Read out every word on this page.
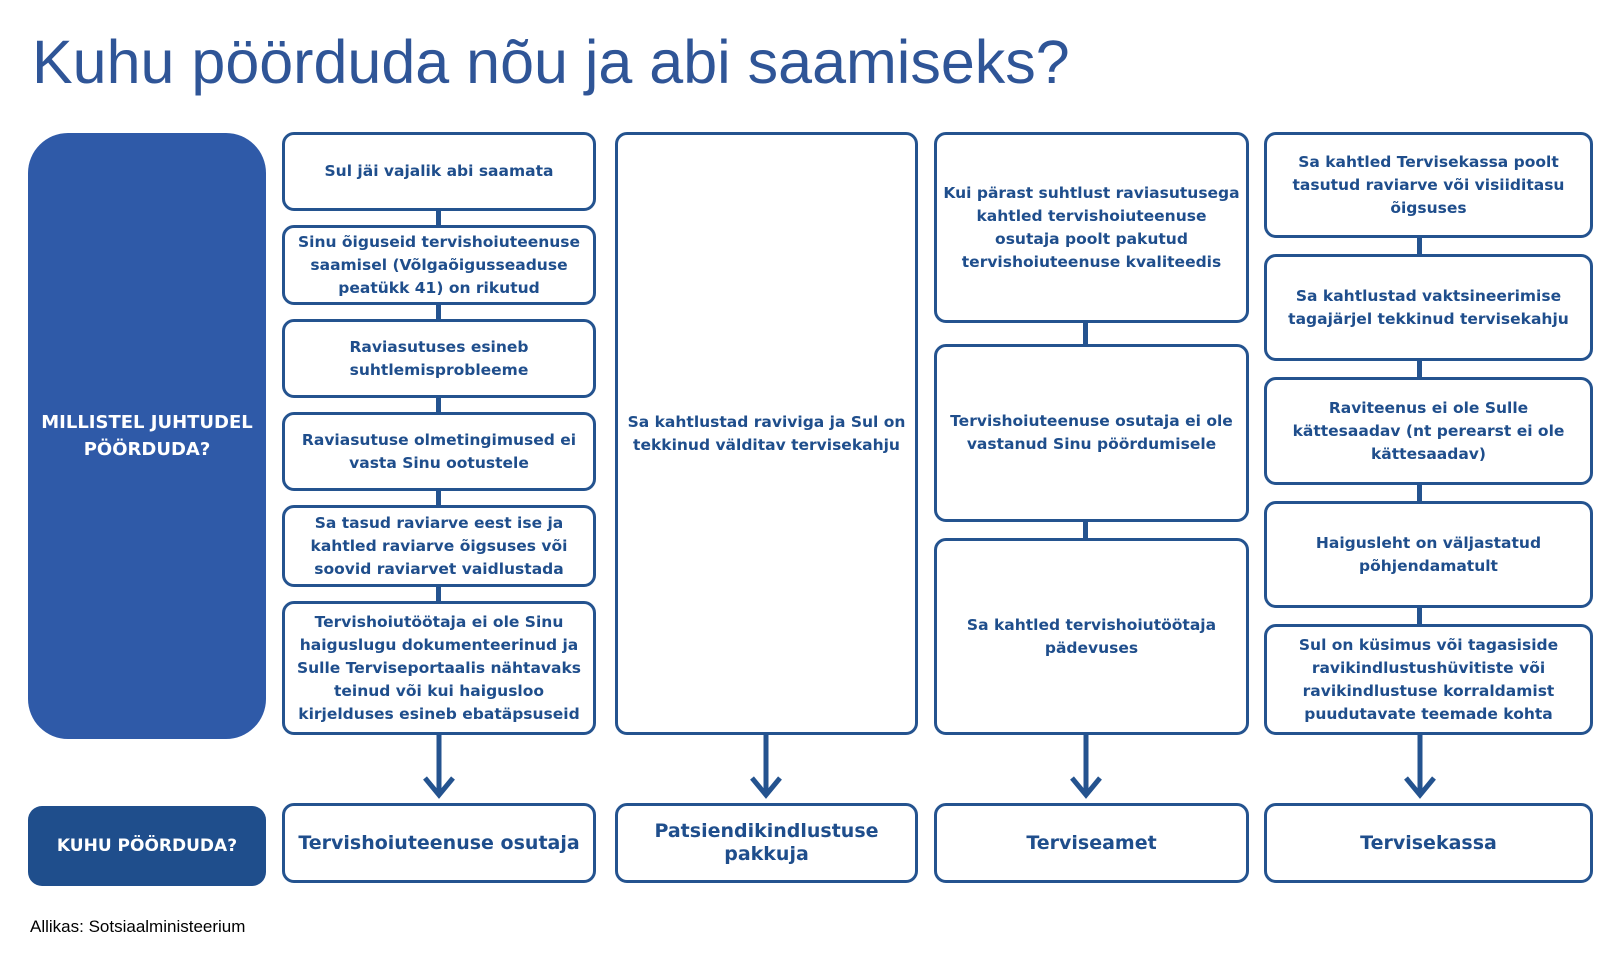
Kuhu pöörduda nõu ja abi saamiseks?
MILLISTEL JUHTUDEL PÖÖRDUDA?
KUHU PÖÖRDUDA?
Sul jäi vajalik abi saamata
Sinu õiguseid tervishoiuteenuse saamisel (Võlgaõigusseaduse peatükk 41) on rikutud
Raviasutuses esineb suhtlemisprobleeme
Raviasutuse olmetingimused ei vasta Sinu ootustele
Sa tasud raviarve eest ise ja kahtled raviarve õigsuses või soovid raviarvet vaidlustada
Tervishoiutöötaja ei ole Sinu haiguslugu dokumenteerinud ja Sulle Terviseportaalis nähtavaks teinud või kui haigusloo kirjelduses esineb ebatäpsuseid
Sa kahtlustad raviviga ja Sul on tekkinud välditav tervisekahju
Kui pärast suhtlust raviasutusega kahtled tervishoiuteenuse osutaja poolt pakutud tervishoiuteenuse kvaliteedis
Tervishoiuteenuse osutaja ei ole vastanud Sinu pöördumisele
Sa kahtled tervishoiutöötaja pädevuses
Sa kahtled Tervisekassa poolt tasutud raviarve või visiiditasu õigsuses
Sa kahtlustad vaktsineerimise tagajärjel tekkinud tervisekahju
Raviteenus ei ole Sulle kättesaadav (nt perearst ei ole kättesaadav)
Haigusleht on väljastatud põhjendamatult
Sul on küsimus või tagasiside ravikindlustushüvitiste või ravikindlustuse korraldamist puudutavate teemade kohta
Tervishoiuteenuse osutaja
Patsiendikindlustuse pakkuja
Terviseamet	Tervisekassa
Allikas: Sotsiaalministeerium
